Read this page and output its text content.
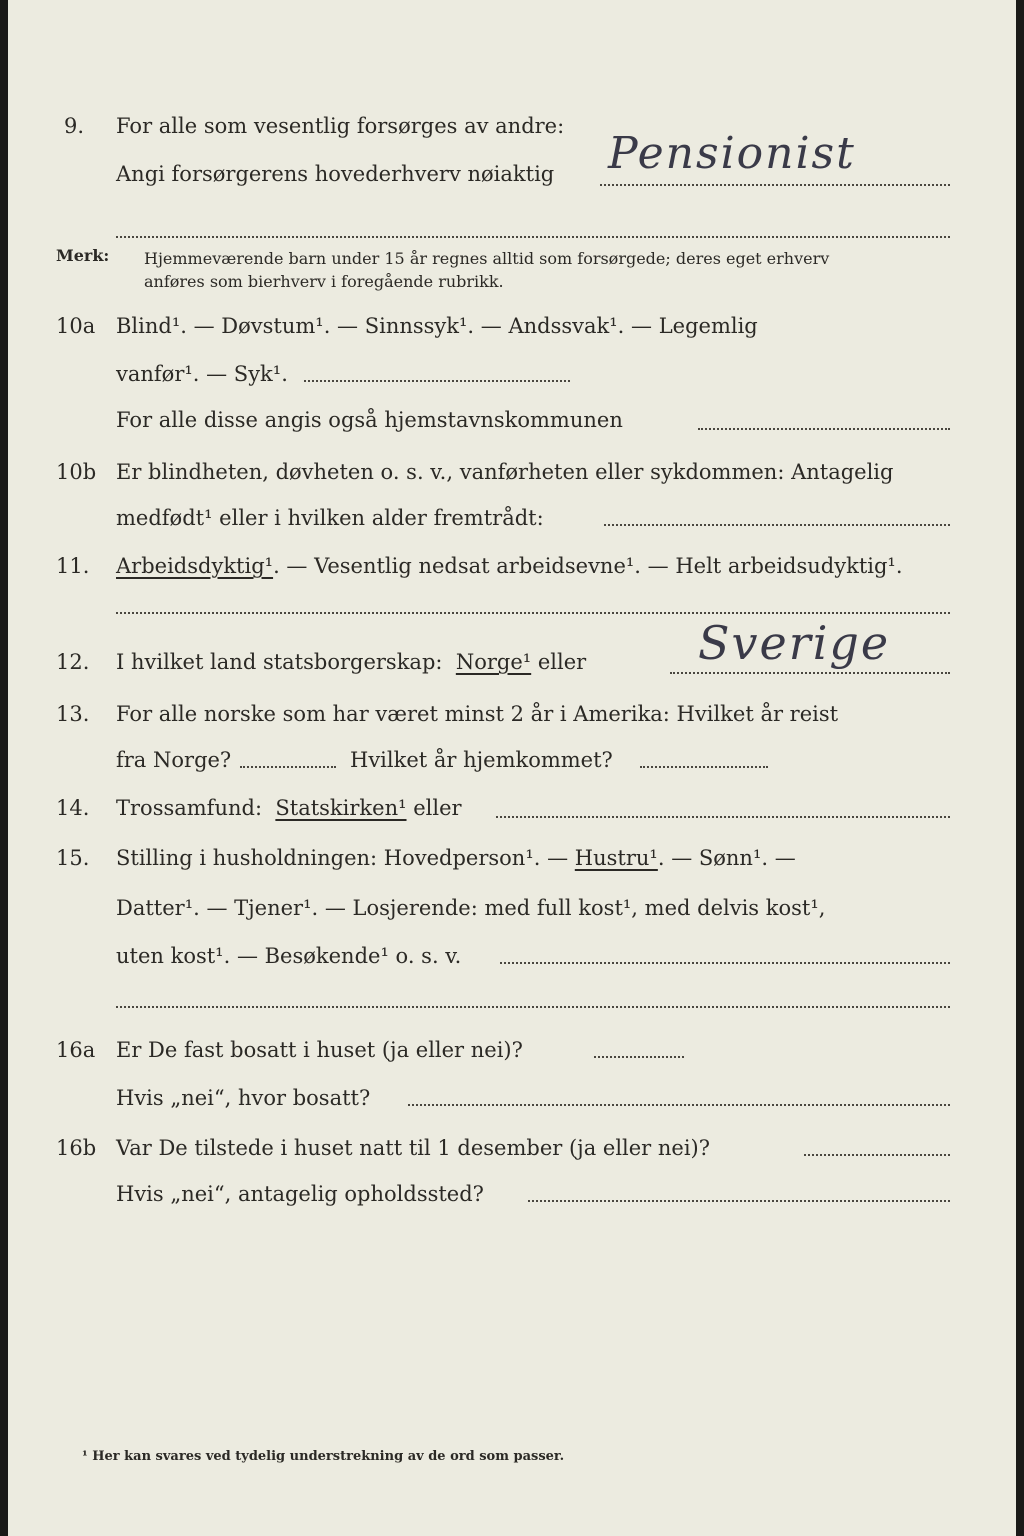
9. For alle som vesentlig forsørges av andre:
Angi forsørgerens hovederhverv nøiaktig Pensionist
Merk: Hjemmeværende barn under 15 år regnes alltid som forsørgede; deres eget erhverv
anføres som bierhverv i foregående rubrikk.
10a Blind¹. — Døvstum¹. — Sinnssyk¹. — Andssvak¹. — Legemlig
vanfør¹. — Syk¹.
For alle disse angis også hjemstavnskommunen
10b Er blindheten, døvheten o. s. v., vanførheten eller sykdommen: Antagelig
medfødt¹ eller i hvilken alder fremtrådt:
11. Arbeidsdyktig¹. — Vesentlig nedsat arbeidsevne¹. — Helt arbeidsudyktig¹.
12. I hvilket land statsborgerskap: Norge¹ eller Sverige
13. For alle norske som har været minst 2 år i Amerika: Hvilket år reist
fra Norge?	Hvilket år hjemkommet?
14. Trossamfund: Statskirken¹ eller
15. Stilling i husholdningen: Hovedperson¹. — Hustru¹. — Sønn¹. —
Datter¹. — Tjener¹. — Losjerende: med full kost¹, med delvis kost¹,
uten kost¹. — Besøkende¹ o. s. v.
16a Er De fast bosatt i huset (ja eller nei)?
Hvis „nei“, hvor bosatt?
16b Var De tilstede i huset natt til 1 desember (ja eller nei)?
Hvis „nei“, antagelig opholdssted?
¹ Her kan svares ved tydelig understrekning av de ord som passer.
